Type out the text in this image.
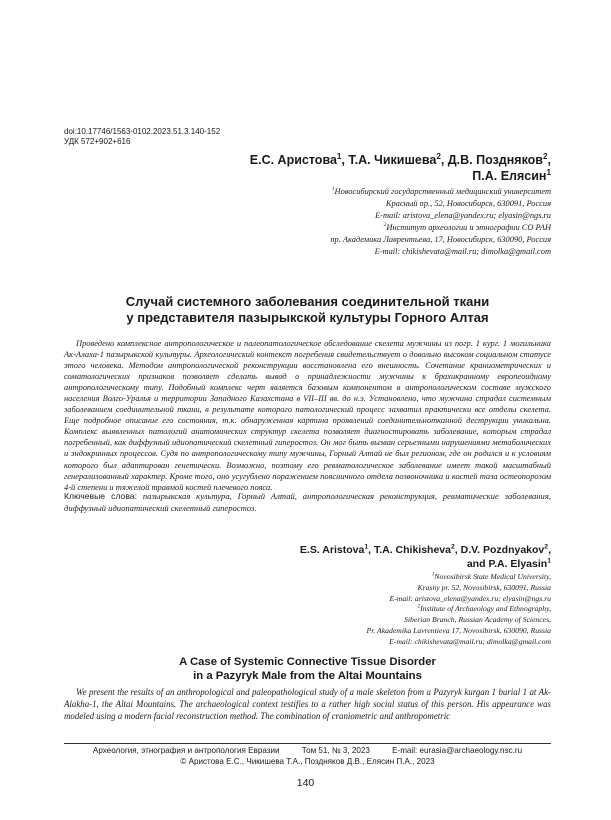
doi:10.17746/1563-0102.2023.51.3.140-152
УДК 572+902+616
Е.С. Аристова$^1$, Т.А. Чикишева$^2$, Д.В. Поздняков$^2$,
П.А. Елясин$^1$
$^1$Новосибирский государственный медицинский университет
Красный пр., 52, Новосибирск, 630091, Россия
E-mail: aristova_elena@yandex.ru; elyasin@ngs.ru
$^2$Институт археологии и этнографии СО РАН
пр. Академика Лаврентьева, 17, Новосибирск, 630090, Россия
E-mail: chikishevata@mail.ru; dimolka@gmail.com
Случай системного заболевания соединительной ткани
у представителя пазырыкской культуры Горного Алтая

Проведено комплексное антропологическое и палеопатологическое обследование скелета мужчины из погр. 1 кург. 1 могильника Ак-Алаха-1 пазырыкской культуры. Археологический контекст погребения свидетельствует о довольно высоком социальном статусе этого человека. Методом антропологической реконструкции восстановлена его внешность. Сочетание краниометрических и соматологических признаков позволяет сделать вывод о принадлежности мужчины к брахикранному европеоидному антропологическому типу. Подобный комплекс черт является базовым компонентом в антропологическом составе мужского населения Волго-Уралья и территории Западного Казахстана в VII–III вв. до н.э. Установлено, что мужчина страдал системным заболеванием соединительной ткани, в результате которого патологический процесс захватил практически все отделы скелета. Еще подробное описание его состояния, т.к. обнаруженная картина проявлений соединительнотканной деструкции уникальна. Комплекс выявленных патологий анатомических структур скелета позволяет диагностировать заболевание, которым страдал погребенный, как диффузный идиопатический скелетный гиперостоз. Он мог быть вызван серьезными нарушениями метаболических и эндокринных процессов. Судя по антропологическому типу мужчины, Горный Алтай не был регионом, где он родился и к условиям которого был адаптирован генетически. Возможно, поэтому его ревматологическое заболевание имеет такой масштабный генерализованный характер. Кроме того, оно усугублено поражением поясничного отдела позвоночника и костей таза остеопорозом 4-й степени и тяжелой травмой костей плечевого пояса.

Ключевые слова: пазырыкская культура, Горный Алтай, антропологическая реконструкция, ревматические заболевания, диффузный идиопатический скелетный гиперостоз.
E.S. Aristova$^1$, T.A. Chikisheva$^2$, D.V. Pozdnyakov$^2$,
and P.A. Elyasin$^1$
$^1$Novosibirsk State Medical University,
Krasny pr. 52, Novosibirsk, 630091, Russia
E-mail: aristova_elena@yandex.ru; elyasin@ngs.ru
$^2$Institute of Archaeology and Ethnography,
Siberian Branch, Russian Academy of Sciences,
Pr. Akademika Lavrentieva 17, Novosibirsk, 630090, Russia
E-mail: chikishevata@mail.ru; dimolka@gmail.com
A Case of Systemic Connective Tissue Disorder
in a Pazyryk Male from the Altai Mountains

We present the results of an anthropological and paleopathological study of a male skeleton from a Pazyryk kurgan 1 burial 1 at Ak-Alakha-1, the Altai Mountains. The archaeological context testifies to a rather high social status of this person. His appearance was modeled using a modern facial reconstruction method. The combination of craniometric and anthropometric

Археология, этнография и антропология Евразии	Том 51, № 3, 2023	E-mail: eurasia@archaeology.nsc.ru
© Аристова Е.С., Чикишева Т.А., Поздняков Д.В., Елясин П.А., 2023
140
